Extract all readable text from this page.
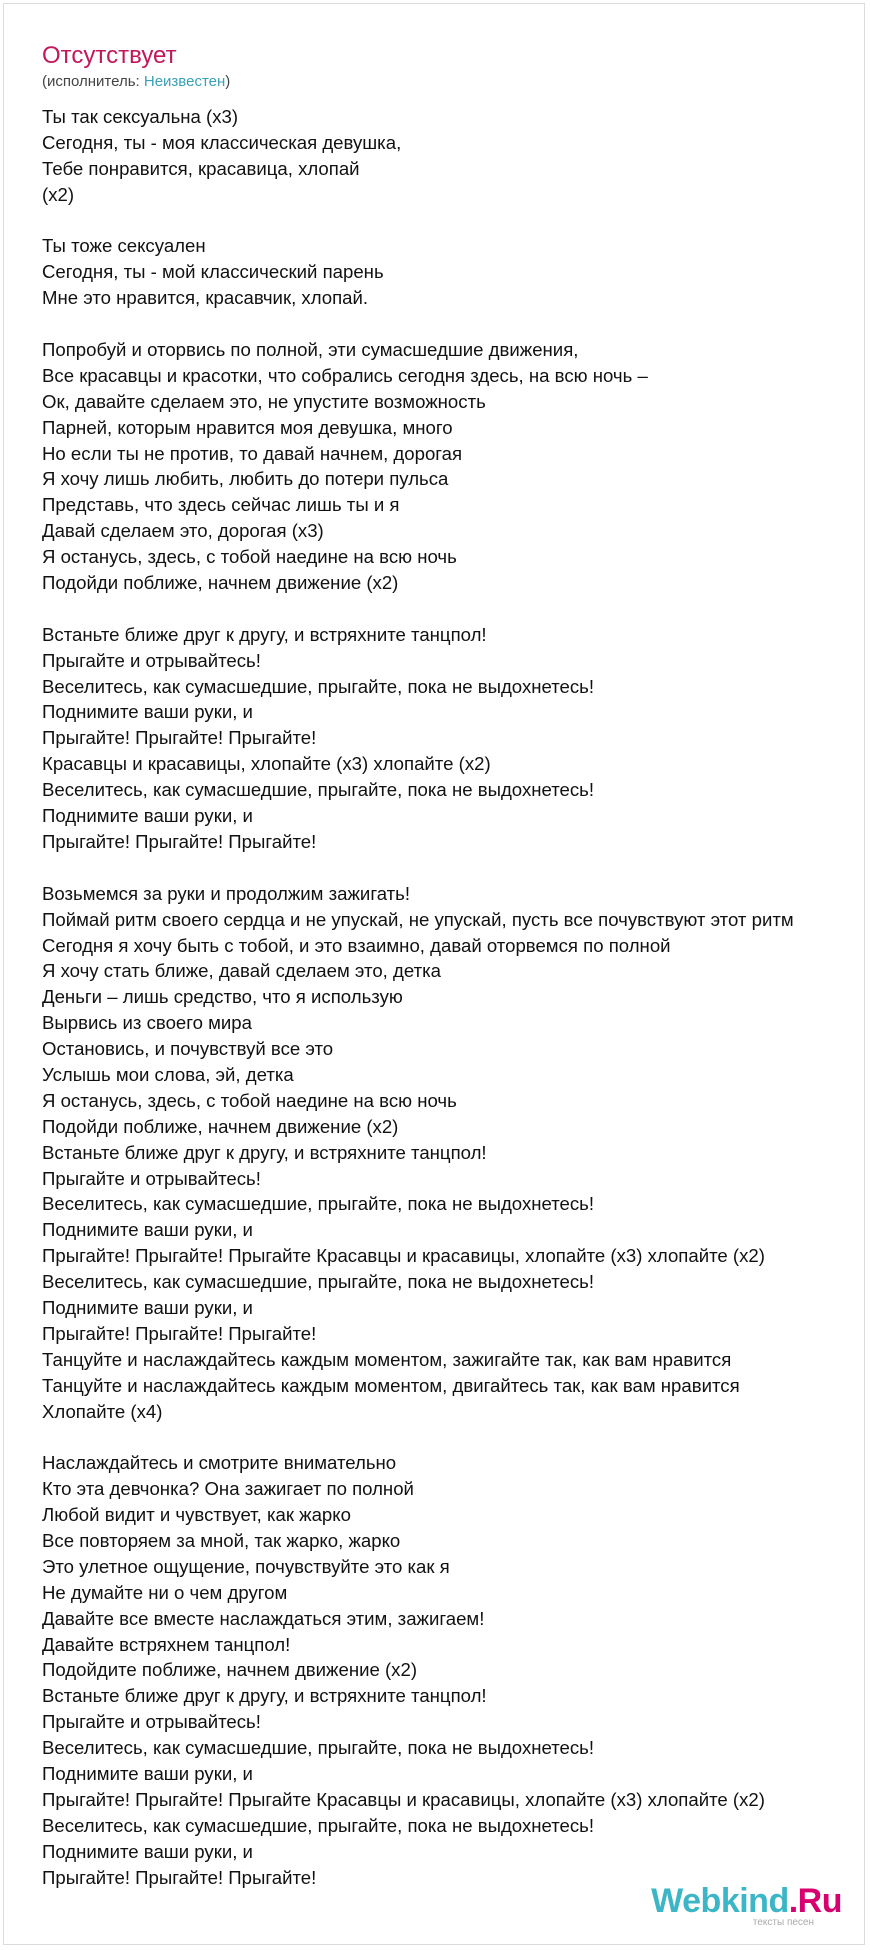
Отсутствует
(исполнитель: Неизвестен)
Ты так сексуальна (x3)
Сегодня, ты - моя классическая девушка,
Тебе понравится, красавица, хлопай
(x2)
Ты тоже сексуален
Сегодня, ты - мой классический парень
Мне это нравится, красавчик, хлопай.
Попробуй и оторвись по полной, эти сумасшедшие движения,
Все красавцы и красотки, что собрались сегодня здесь, на всю ночь –
Ок, давайте сделаем это, не упустите возможность
Парней, которым нравится моя девушка, много
Но если ты не против, то давай начнем, дорогая
Я хочу лишь любить, любить до потери пульса
Представь, что здесь сейчас лишь ты и я
Давай сделаем это, дорогая (x3)
Я останусь, здесь, с тобой наедине на всю ночь
Подойди поближе, начнем движение (x2)
Встаньте ближе друг к другу, и встряхните танцпол!
Прыгайте и отрывайтесь!
Веселитесь, как сумасшедшие, прыгайте, пока не выдохнетесь!
Поднимите ваши руки, и
Прыгайте! Прыгайте! Прыгайте!
Красавцы и красавицы, хлопайте (x3) хлопайте (x2)
Веселитесь, как сумасшедшие, прыгайте, пока не выдохнетесь!
Поднимите ваши руки, и
Прыгайте! Прыгайте! Прыгайте!
Возьмемся за руки и продолжим зажигать!
Поймай ритм своего сердца и не упускай, не упускай, пусть все почувствуют этот ритм
Сегодня я хочу быть с тобой, и это взаимно, давай оторвемся по полной
Я хочу стать ближе, давай сделаем это, детка
Деньги – лишь средство, что я использую
Вырвись из своего мира
Остановись, и почувствуй все это
Услышь мои слова, эй, детка
Я останусь, здесь, с тобой наедине на всю ночь
Подойди поближе, начнем движение (x2)
Встаньте ближе друг к другу, и встряхните танцпол!
Прыгайте и отрывайтесь!
Веселитесь, как сумасшедшие, прыгайте, пока не выдохнетесь!
Поднимите ваши руки, и
Прыгайте! Прыгайте! Прыгайте Красавцы и красавицы, хлопайте (x3) хлопайте (x2)
Веселитесь, как сумасшедшие, прыгайте, пока не выдохнетесь!
Поднимите ваши руки, и
Прыгайте! Прыгайте! Прыгайте!
Танцуйте и наслаждайтесь каждым моментом, зажигайте так, как вам нравится
Танцуйте и наслаждайтесь каждым моментом, двигайтесь так, как вам нравится
Хлопайте (x4)
Наслаждайтесь и смотрите внимательно
Кто эта девчонка? Она зажигает по полной
Любой видит и чувствует, как жарко
Все повторяем за мной, так жарко, жарко
Это улетное ощущение, почувствуйте это как я
Не думайте ни о чем другом
Давайте все вместе наслаждаться этим, зажигаем!
Давайте встряхнем танцпол!
Подойдите поближе, начнем движение (x2)
Встаньте ближе друг к другу, и встряхните танцпол!
Прыгайте и отрывайтесь!
Веселитесь, как сумасшедшие, прыгайте, пока не выдохнетесь!
Поднимите ваши руки, и
Прыгайте! Прыгайте! Прыгайте Красавцы и красавицы, хлопайте (x3) хлопайте (x2)
Веселитесь, как сумасшедшие, прыгайте, пока не выдохнетесь!
Поднимите ваши руки, и
Прыгайте! Прыгайте! Прыгайте!
Webkind.Ru
тексты песен
